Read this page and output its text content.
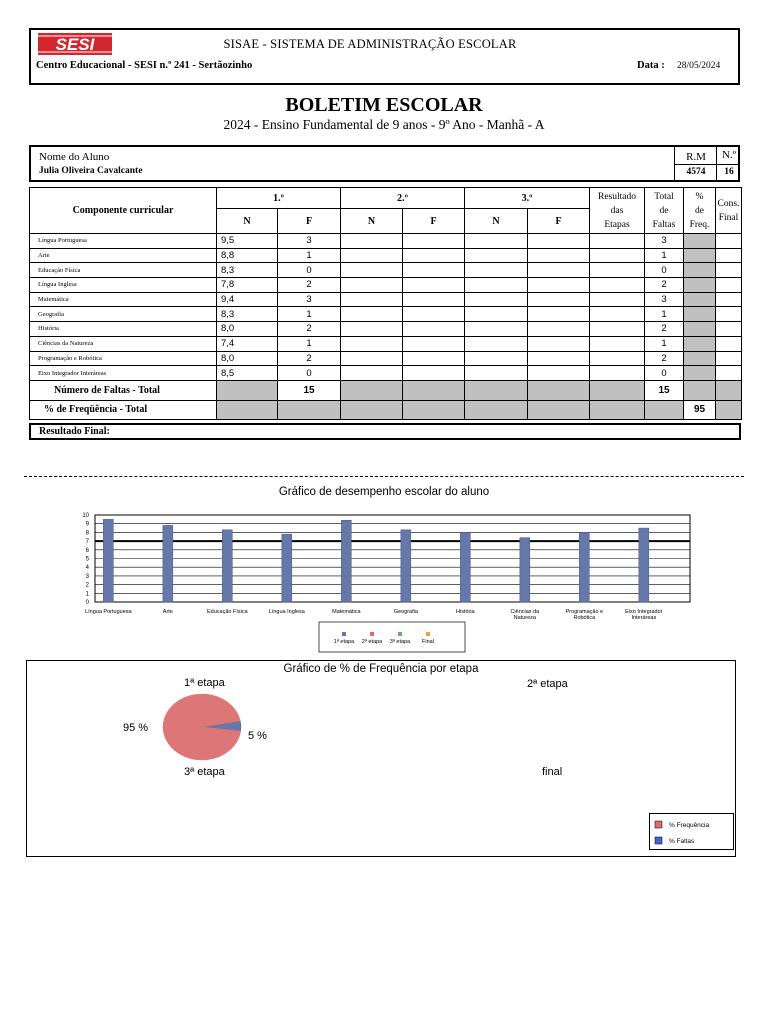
SESI	SISAE - SISTEMA DE ADMINISTRAÇÃO ESCOLAR
Centro Educacional - SESI n.º 241 - Sertãozinho	Data : 28/05/2024
BOLETIM ESCOLAR
2024 - Ensino Fundamental de 9 anos - 9º Ano - Manhã - A
Nome do Aluno
Julia Oliveira Cavalcante
R.M
4574
N.º
16
Componente curricular	1.º		2.º		3.º		Resultado
das
Etapas	Total
de
Faltas	%
de
Freq.	Cons.
Final
	N	F	N	F	N	F				
Língua Portuguesa	9,5	3						3		
Arte	8,8	1						1		
Educação Física	8,3	0						0		
Língua Inglesa	7,8	2						2		
Matemática	9,4	3						3		
Geografia	8,3	1						1		
História	8,0	2						2		
Ciências da Natureza	7,4	1						1		
Programação e Robótica	8,0	2						2		
Eixo Integrador Interáreas	8,5	0						0		
Número de Faltas - Total		15						15		
% de Freqüência - Total									95	
Resultado Final:
Gráfico de desempenho escolar do aluno
0
1
2
3
4
5
6
7
8
9
10
Língua Portuguesa	Arte	Educação Física	Língua Inglesa	Matemática	Geografia	História	Ciências da
Natureza
Programação e
Robótica
Eixo Integrador
Interáreas
1ª etapa 2ª etapa 3ª etapa Final
Gráfico de % de Frequência por etapa
1ª etapa	2ª etapa
3ª etapa	final
95 %
5 %
% Frequência
% Faltas
